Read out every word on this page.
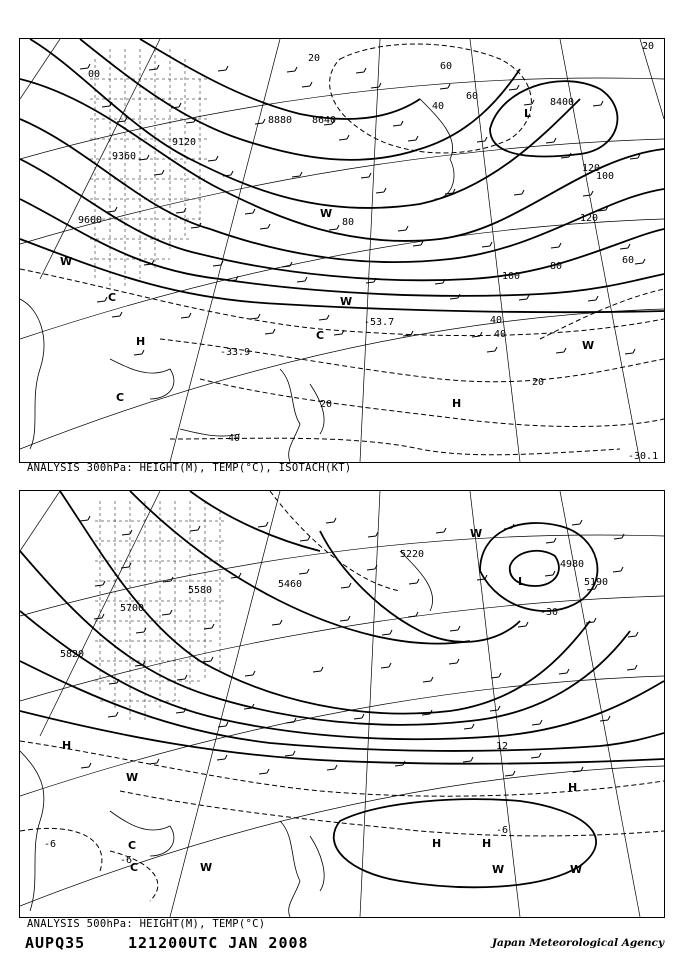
8880 8640
9120
9360
9600
8400
20
40
60
80
100
120
120
100
80
60
40
20
20
40
20
00
60
40
H
H
L
C
C
C
W
W
W
W
-30.1
-33.9
-53.7
ANALYSIS 300hPa: HEIGHT(M), TEMP(°C), ISOTACH(KT)
5700
5580
5460
5220
4980
5190
5820
-30
12
-6
-6
-6
H
H	H
H
L
C
C
W
W	W	W
W
ANALYSIS 500hPa: HEIGHT(M), TEMP(°C)
AUPQ35	121200UTC JAN 2008	Japan Meteorological Agency
